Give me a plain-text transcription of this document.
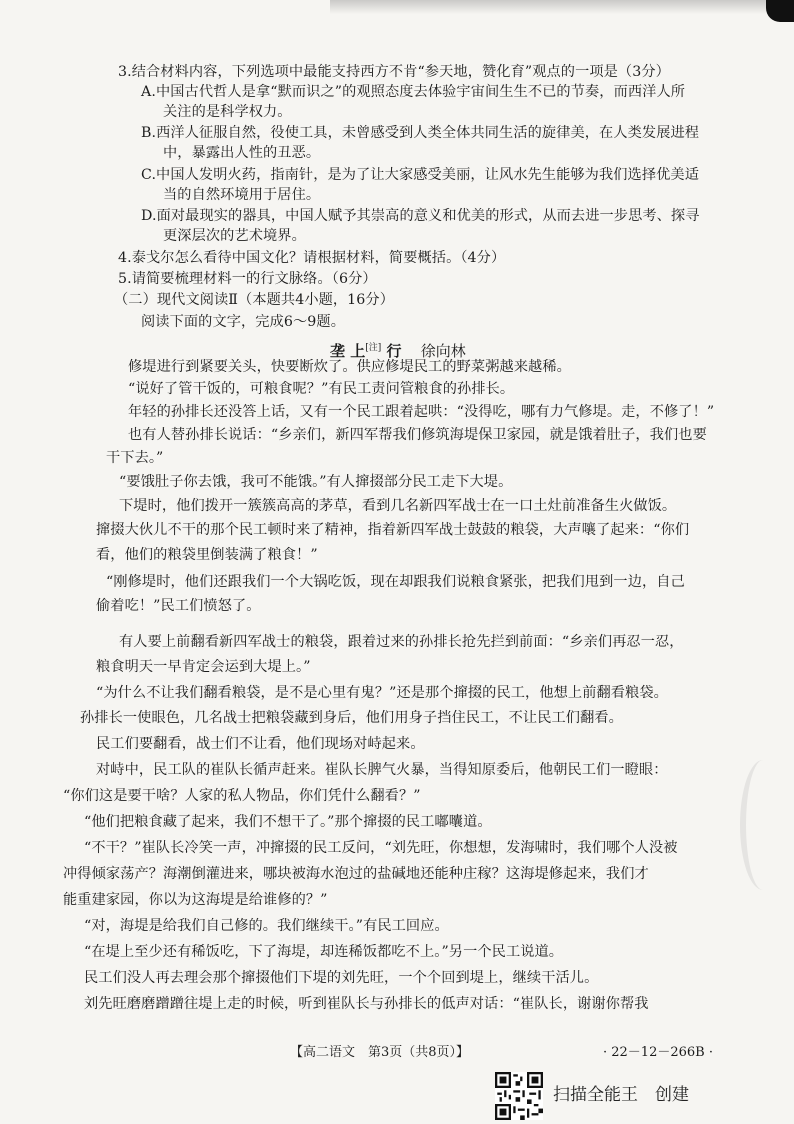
3.结合材料内容，下列选项中最能支持西方不肯“参天地，赞化育”观点的一项是（3分）
A.中国古代哲人是拿“默而识之”的观照态度去体验宇宙间生生不已的节奏，而西洋人所
关注的是科学权力。
B.西洋人征服自然，役使工具，未曾感受到人类全体共同生活的旋律美，在人类发展进程
中，暴露出人性的丑恶。
C.中国人发明火药，指南针，是为了让大家感受美丽，让风水先生能够为我们选择优美适
当的自然环境用于居住。
D.面对最现实的器具，中国人赋予其崇高的意义和优美的形式，从而去进一步思考、探寻
更深层次的艺术境界。
4.泰戈尔怎么看待中国文化？请根据材料，简要概括。（4分）
5.请简要梳理材料一的行文脉络。（6分）
（二）现代文阅读Ⅱ（本题共4小题，16分）
阅读下面的文字，完成6～9题。
垄 上[注] 行 徐向林
修堤进行到紧要关头，快要断炊了。供应修堤民工的野菜粥越来越稀。
“说好了管干饭的，可粮食呢？”有民工责问管粮食的孙排长。
年轻的孙排长还没答上话，又有一个民工跟着起哄：“没得吃，哪有力气修堤。走，不修了！”
也有人替孙排长说话：“乡亲们，新四军帮我们修筑海堤保卫家园，就是饿着肚子，我们也要
干下去。”
“要饿肚子你去饿，我可不能饿。”有人撺掇部分民工走下大堤。
下堤时，他们拨开一簇簇高高的茅草，看到几名新四军战士在一口土灶前准备生火做饭。
撺掇大伙儿不干的那个民工顿时来了精神，指着新四军战士鼓鼓的粮袋，大声嚷了起来：“你们
看，他们的粮袋里倒装满了粮食！”
“刚修堤时，他们还跟我们一个大锅吃饭，现在却跟我们说粮食紧张，把我们甩到一边，自己
偷着吃！”民工们愤怒了。
有人要上前翻看新四军战士的粮袋，跟着过来的孙排长抢先拦到前面：“乡亲们再忍一忍，
粮食明天一早肯定会运到大堤上。”
“为什么不让我们翻看粮袋，是不是心里有鬼？”还是那个撺掇的民工，他想上前翻看粮袋。
孙排长一使眼色，几名战士把粮袋藏到身后，他们用身子挡住民工，不让民工们翻看。
民工们要翻看，战士们不让看，他们现场对峙起来。
对峙中，民工队的崔队长循声赶来。崔队长脾气火暴，当得知原委后，他朝民工们一瞪眼：
“你们这是要干啥？人家的私人物品，你们凭什么翻看？”
“他们把粮食藏了起来，我们不想干了。”那个撺掇的民工嘟囔道。
“不干？”崔队长冷笑一声，冲撺掇的民工反问，“刘先旺，你想想，发海啸时，我们哪个人没被
冲得倾家荡产？海潮倒灌进来，哪块被海水泡过的盐碱地还能种庄稼？这海堤修起来，我们才
能重建家园，你以为这海堤是给谁修的？”
“对，海堤是给我们自己修的。我们继续干。”有民工回应。
“在堤上至少还有稀饭吃，下了海堤，却连稀饭都吃不上。”另一个民工说道。
民工们没人再去理会那个撺掇他们下堤的刘先旺，一个个回到堤上，继续干活儿。
刘先旺磨磨蹭蹭往堤上走的时候，听到崔队长与孙排长的低声对话：“崔队长，谢谢你帮我
【高二语文　第3页（共8页）】	· 22－12－266B ·
扫描全能王　创建
